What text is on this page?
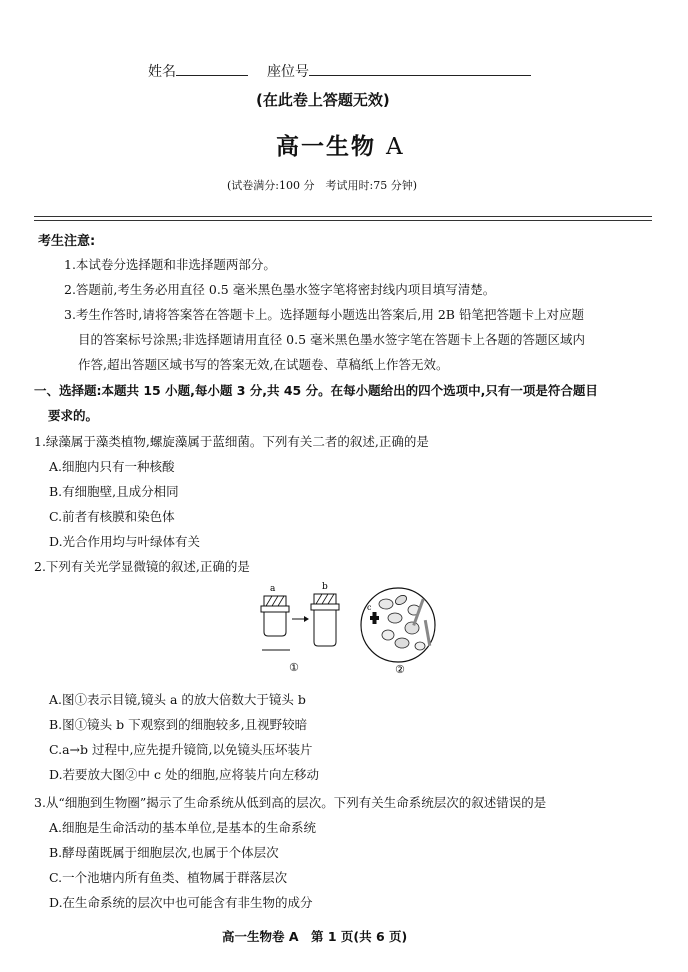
姓名	座位号
(在此卷上答题无效)
高一生物 A
(试卷满分:100 分　考试用时:75 分钟)
考生注意:
1.本试卷分选择题和非选择题两部分。
2.答题前,考生务必用直径 0.5 毫米黑色墨水签字笔将密封线内项目填写清楚。
3.考生作答时,请将答案答在答题卡上。选择题每小题选出答案后,用 2B 铅笔把答题卡上对应题
目的答案标号涂黑;非选择题请用直径 0.5 毫米黑色墨水签字笔在答题卡上各题的答题区域内
作答,超出答题区域书写的答案无效,在试题卷、草稿纸上作答无效。
一、选择题:本题共 15 小题,每小题 3 分,共 45 分。在每小题给出的四个选项中,只有一项是符合题目
要求的。
1.绿藻属于藻类植物,螺旋藻属于蓝细菌。下列有关二者的叙述,正确的是
A.细胞内只有一种核酸
B.有细胞壁,且成分相同
C.前者有核膜和染色体
D.光合作用均与叶绿体有关
2.下列有关光学显微镜的叙述,正确的是
a	b
①
c
②
A.图①表示目镜,镜头 a 的放大倍数大于镜头 b
B.图①镜头 b 下观察到的细胞较多,且视野较暗
C.a→b 过程中,应先提升镜筒,以免镜头压坏装片
D.若要放大图②中 c 处的细胞,应将装片向左移动
3.从“细胞到生物圈”揭示了生命系统从低到高的层次。下列有关生命系统层次的叙述错误的是
A.细胞是生命活动的基本单位,是基本的生命系统
B.酵母菌既属于细胞层次,也属于个体层次
C.一个池塘内所有鱼类、植物属于群落层次
D.在生命系统的层次中也可能含有非生物的成分
高一生物卷 A　第 1 页(共 6 页)
